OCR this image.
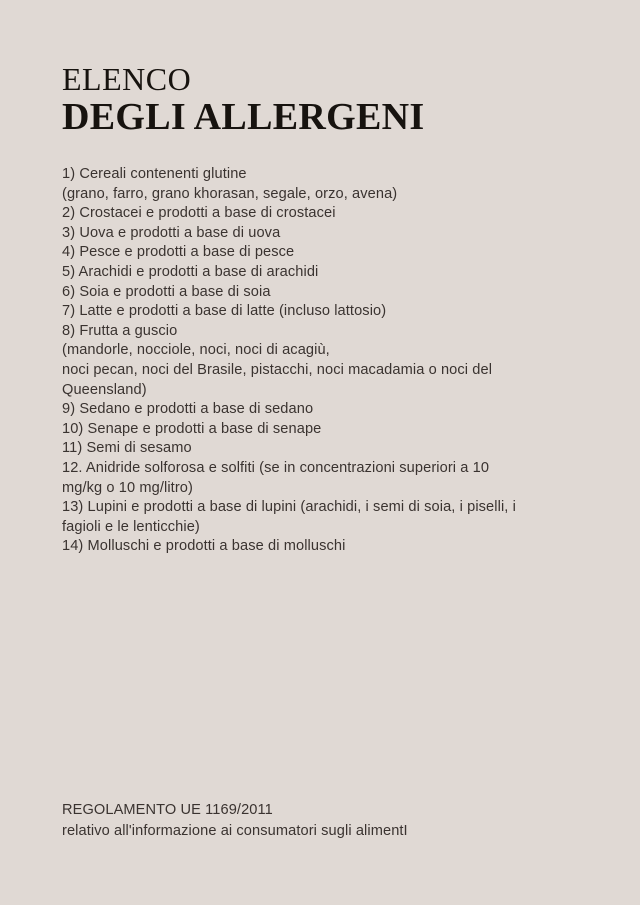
ELENCO

DEGLI ALLERGENI

1) Cereali contenenti glutine
(grano, farro, grano khorasan, segale, orzo, avena)
2) Crostacei e prodotti a base di crostacei
3) Uova e prodotti a base di uova
4) Pesce e prodotti a base di pesce
5) Arachidi e prodotti a base di arachidi
6) Soia e prodotti a base di soia
7) Latte e prodotti a base di latte (incluso lattosio)
8) Frutta a guscio
(mandorle, nocciole, noci, noci di acagiù,
noci pecan, noci del Brasile, pistacchi, noci macadamia o noci del
Queensland)
9) Sedano e prodotti a base di sedano
10) Senape e prodotti a base di senape
11) Semi di sesamo
12. Anidride solforosa e solfiti (se in concentrazioni superiori a 10
mg/kg o 10 mg/litro)
13) Lupini e prodotti a base di lupini (arachidi, i semi di soia, i piselli, i
fagioli e le lenticchie)
14) Molluschi e prodotti a base di molluschi

REGOLAMENTO UE 1169/2011

relativo all'informazione ai consumatori sugli alimentI
